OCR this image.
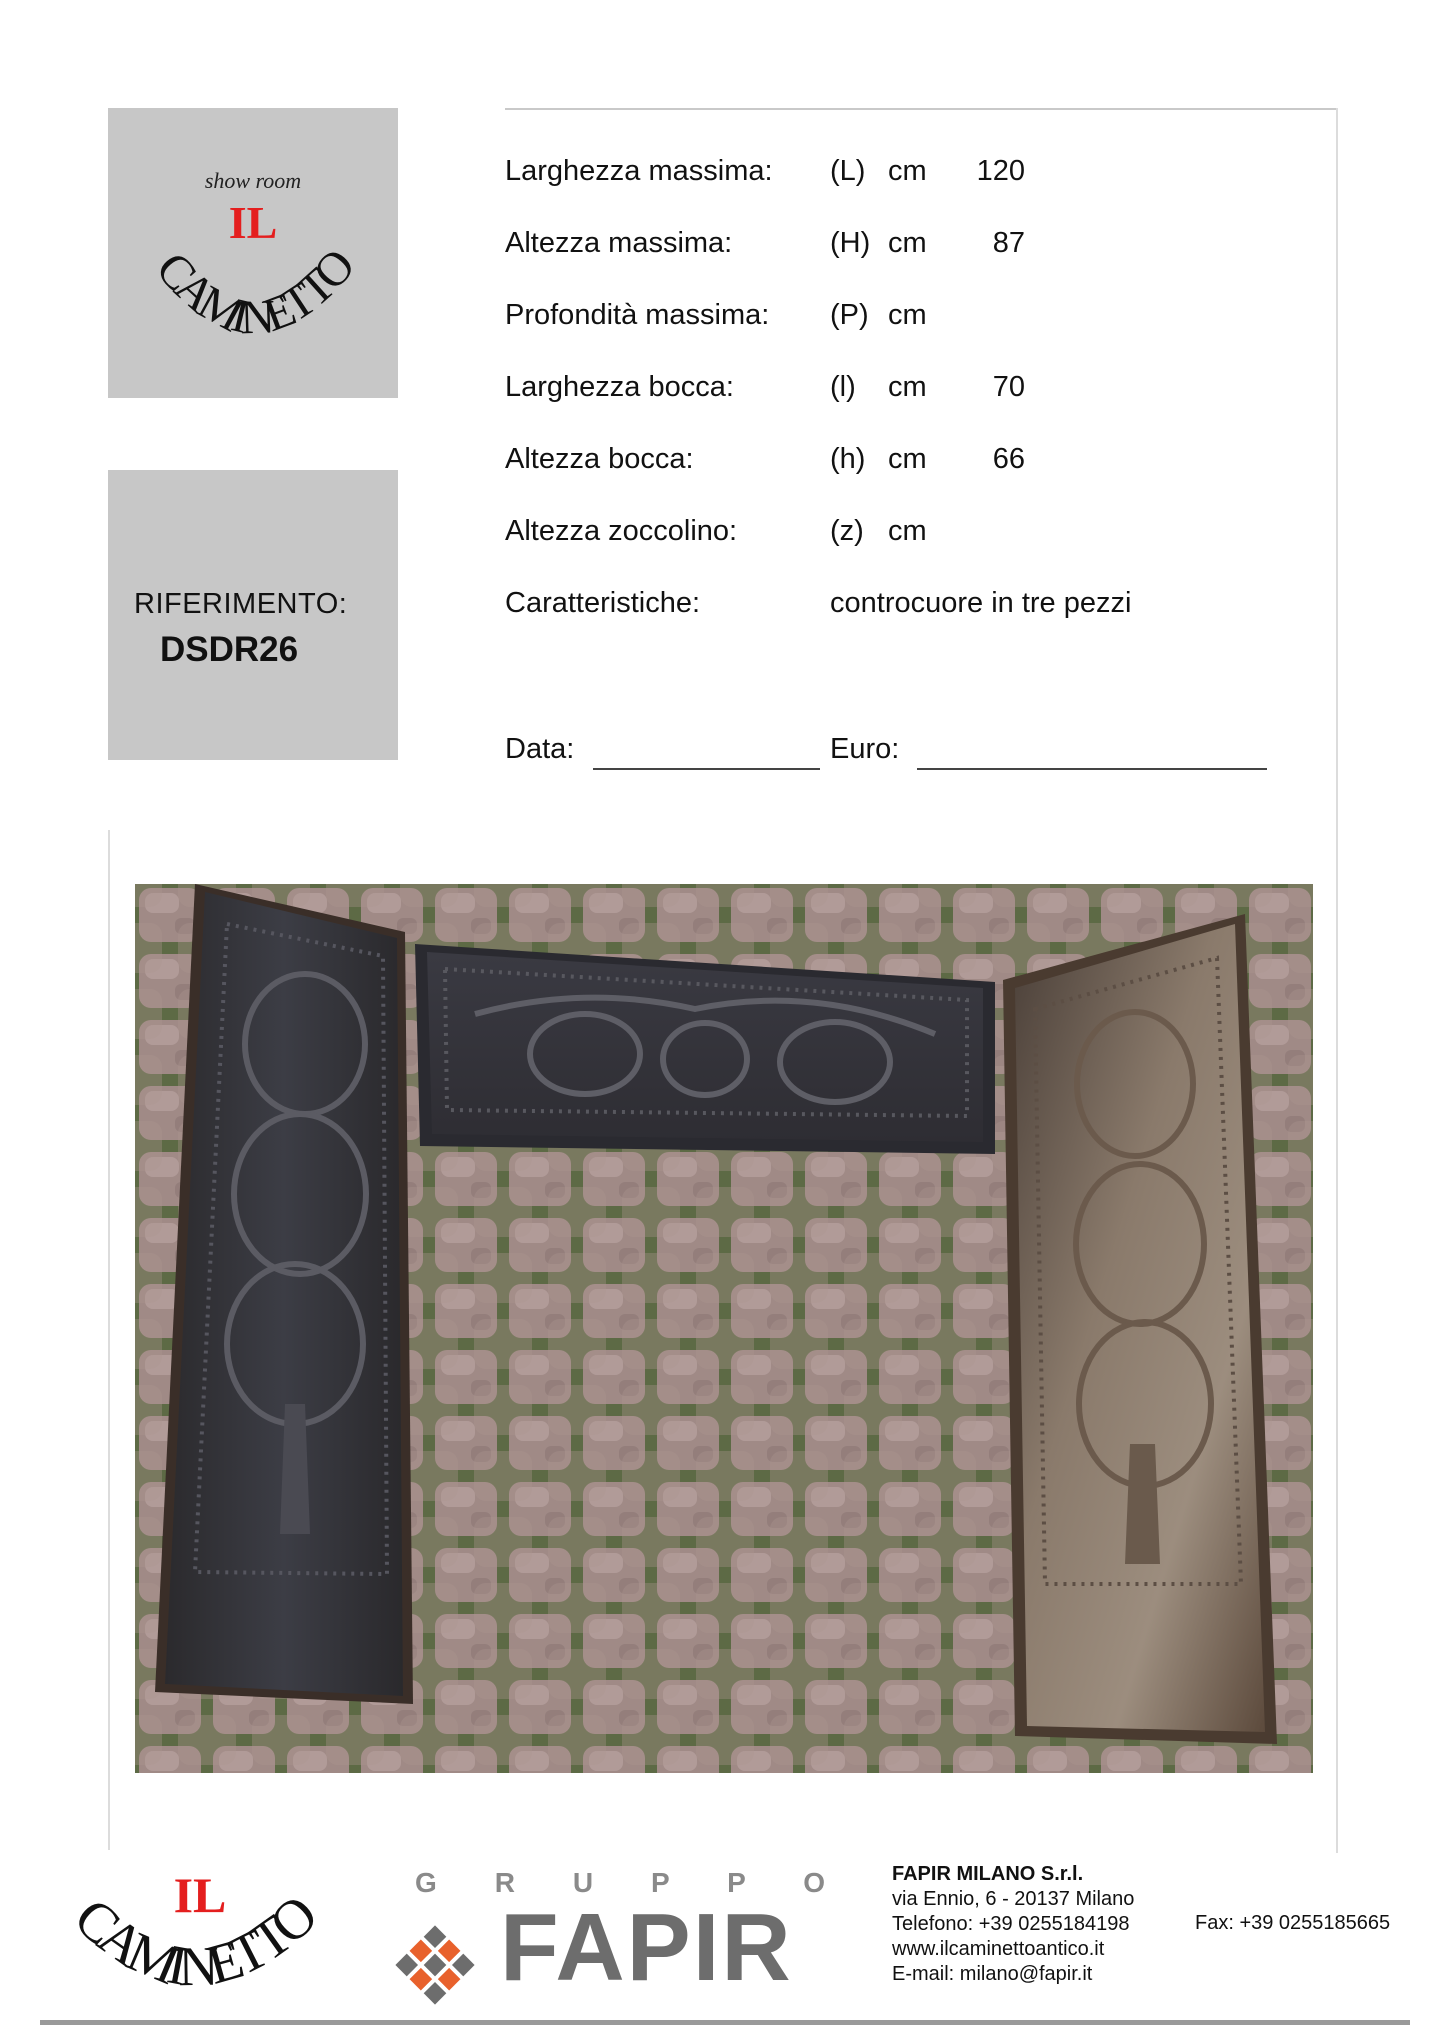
show room
IL
CAMINETTO
RIFERIMENTO:
DSDR26
Larghezza massima: (L) cm	120
Altezza massima:	(H) cm	87
Profondità massima: (P) cm
Larghezza bocca:	(l) cm	70
Altezza bocca:	(h) cm	66
Altezza zoccolino:	(z) cm
Caratteristiche:	controcuore in tre pezzi
Data:	Euro:
IL
CAMINETTO
G R U P P O
FAPIR
FAPIR MILANO S.r.l.
via Ennio, 6 - 20137 Milano
Telefono: +39 0255184198
www.ilcaminettoantico.it
E-mail: milano@fapir.it
Fax: +39 0255185665
